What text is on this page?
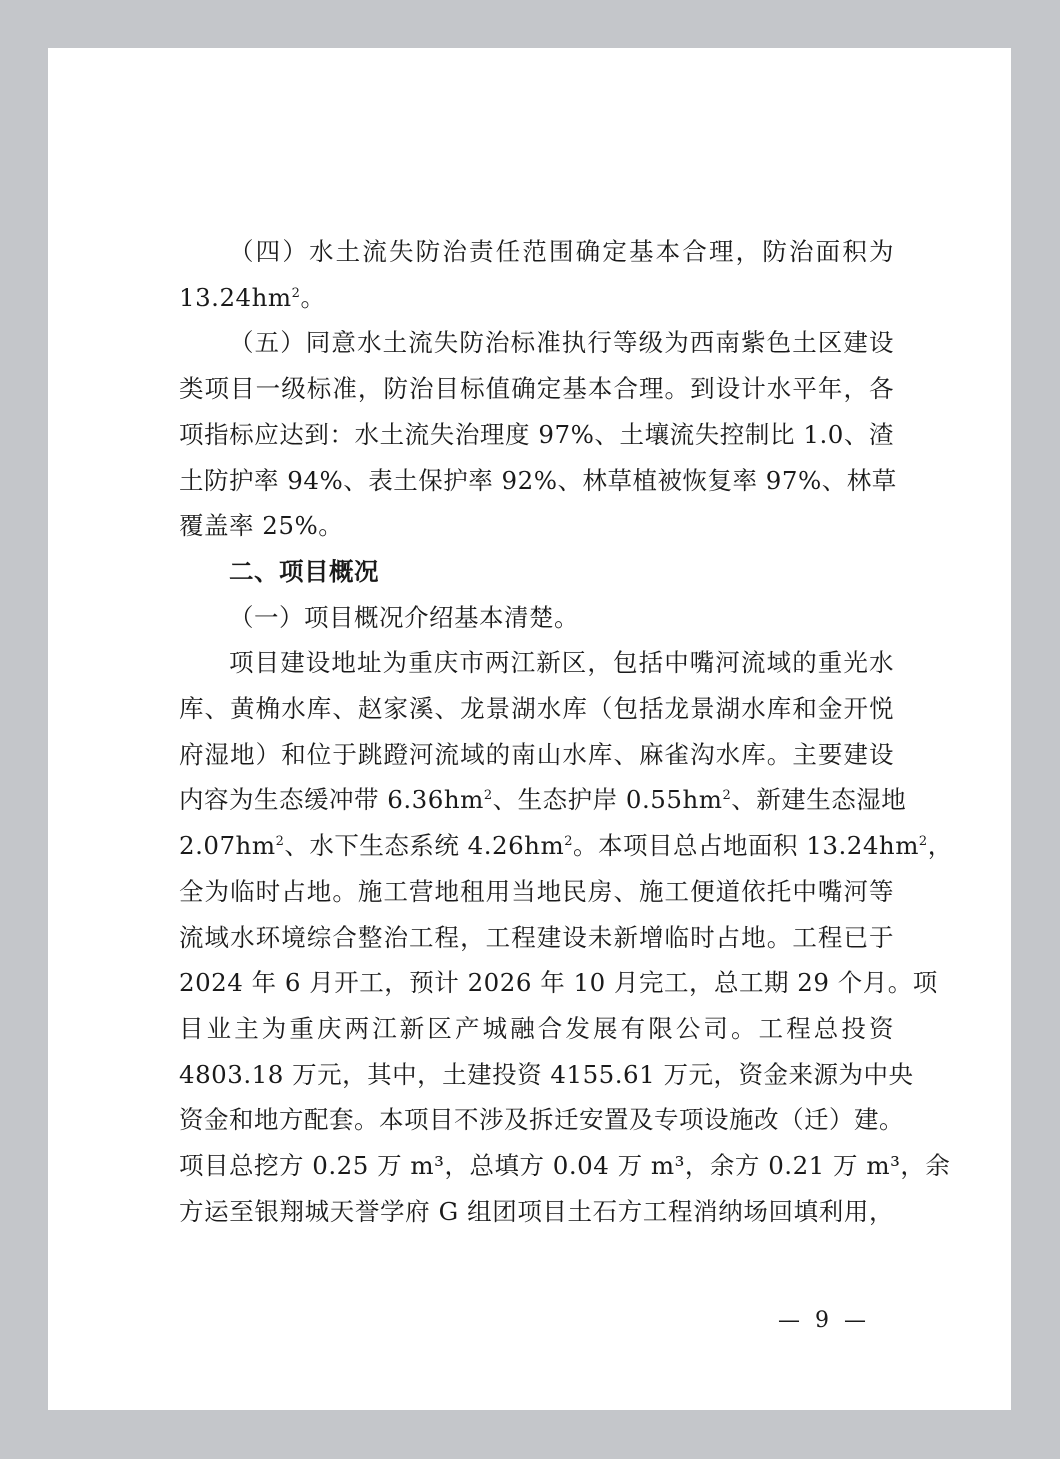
（四）水土流失防治责任范围确定基本合理，防治面积为
$13.24hm^2$。
（五）同意水土流失防治标准执行等级为西南紫色土区建设
类项目一级标准，防治目标值确定基本合理。到设计水平年，各
项指标应达到：水土流失治理度 97%、土壤流失控制比 1.0、渣
土防护率 94%、表土保护率 92%、林草植被恢复率 97%、林草
覆盖率 25%。
二、项目概况
（一）项目概况介绍基本清楚。
项目建设地址为重庆市两江新区，包括中嘴河流域的重光水
库、黄桷水库、赵家溪、龙景湖水库（包括龙景湖水库和金开悦
府湿地）和位于跳蹬河流域的南山水库、麻雀沟水库。主要建设
内容为生态缓冲带 $6.36hm^2$、生态护岸 $0.55hm^2$、新建生态湿地
$2.07hm^2$、水下生态系统 $4.26hm^2$。本项目总占地面积 $13.24hm^2$，
全为临时占地。施工营地租用当地民房、施工便道依托中嘴河等
流域水环境综合整治工程，工程建设未新增临时占地。工程已于
2024 年 6 月开工，预计 2026 年 10 月完工，总工期 29 个月。项
目业主为重庆两江新区产城融合发展有限公司。工程总投资
4803.18 万元，其中，土建投资 4155.61 万元，资金来源为中央
资金和地方配套。本项目不涉及拆迁安置及专项设施改（迁）建。
项目总挖方 0.25 万 m³，总填方 0.04 万 m³，余方 0.21 万 m³，余
方运至银翔城天誉学府 G 组团项目土石方工程消纳场回填利用，
— 9 —
